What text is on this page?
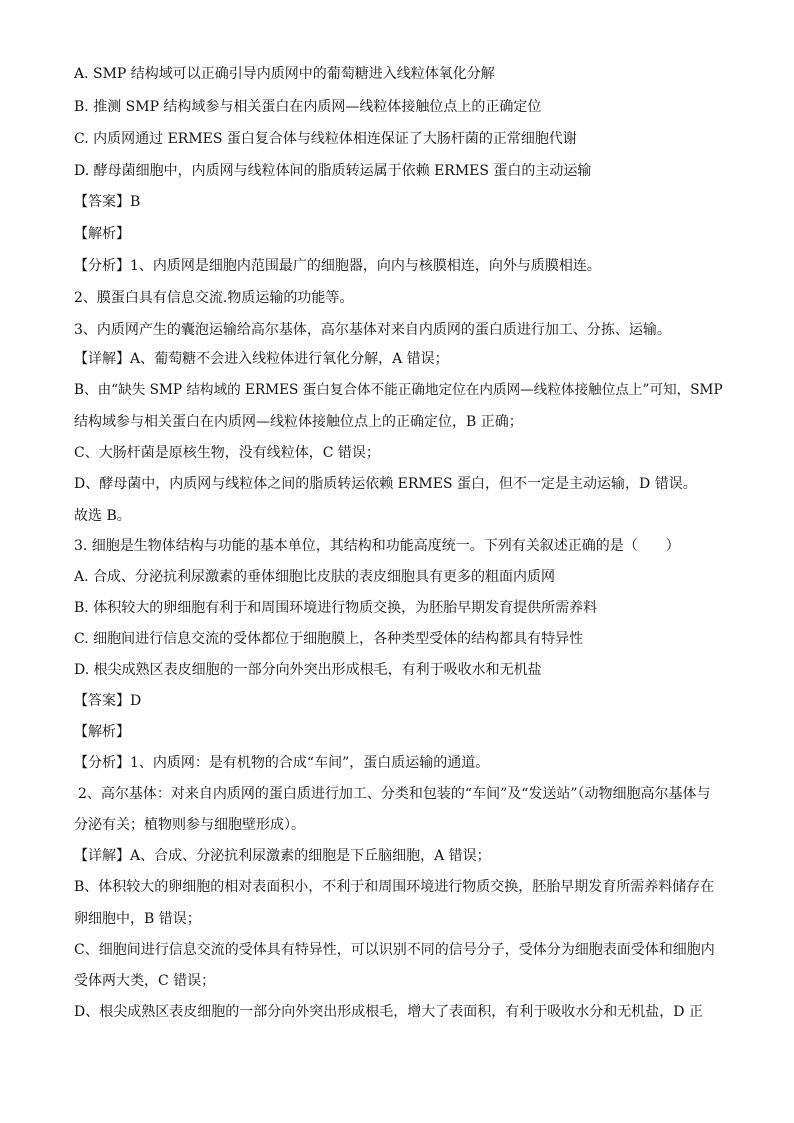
A. SMP 结构域可以正确引导内质网中的葡萄糖进入线粒体氧化分解
B. 推测 SMP 结构域参与相关蛋白在内质网—线粒体接触位点上的正确定位
C. 内质网通过 ERMES 蛋白复合体与线粒体相连保证了大肠杆菌的正常细胞代谢
D. 酵母菌细胞中，内质网与线粒体间的脂质转运属于依赖 ERMES 蛋白的主动运输
【答案】B
【解析】
【分析】1、内质网是细胞内范围最广的细胞器，向内与核膜相连，向外与质膜相连。
2、膜蛋白具有信息交流.物质运输的功能等。
3、内质网产生的囊泡运输给高尔基体，高尔基体对来自内质网的蛋白质进行加工、分拣、运输。
【详解】A、葡萄糖不会进入线粒体进行氧化分解，A 错误；
B、由“缺失 SMP 结构域的 ERMES 蛋白复合体不能正确地定位在内质网—线粒体接触位点上”可知，SMP
结构域参与相关蛋白在内质网—线粒体接触位点上的正确定位，B 正确；
C、大肠杆菌是原核生物，没有线粒体，C 错误；
D、酵母菌中，内质网与线粒体之间的脂质转运依赖 ERMES 蛋白，但不一定是主动运输，D 错误。
故选 B。
3. 细胞是生物体结构与功能的基本单位，其结构和功能高度统一。下列有关叙述正确的是（　　）
A. 合成、分泌抗利尿激素的垂体细胞比皮肤的表皮细胞具有更多的粗面内质网
B. 体积较大的卵细胞有利于和周围环境进行物质交换，为胚胎早期发育提供所需养料
C. 细胞间进行信息交流的受体都位于细胞膜上，各种类型受体的结构都具有特异性
D. 根尖成熟区表皮细胞的一部分向外突出形成根毛，有利于吸收水和无机盐
【答案】D
【解析】
【分析】1、内质网：是有机物的合成“车间”，蛋白质运输的通道。
2、高尔基体：对来自内质网的蛋白质进行加工、分类和包装的“车间”及“发送站”（动物细胞高尔基体与
分泌有关；植物则参与细胞壁形成）。
【详解】A、合成、分泌抗利尿激素的细胞是下丘脑细胞，A 错误；
B、体积较大的卵细胞的相对表面积小，不利于和周围环境进行物质交换，胚胎早期发育所需养料储存在
卵细胞中，B 错误；
C、细胞间进行信息交流的受体具有特异性，可以识别不同的信号分子，受体分为细胞表面受体和细胞内
受体两大类，C 错误；
D、根尖成熟区表皮细胞的一部分向外突出形成根毛，增大了表面积，有利于吸收水分和无机盐，D 正
